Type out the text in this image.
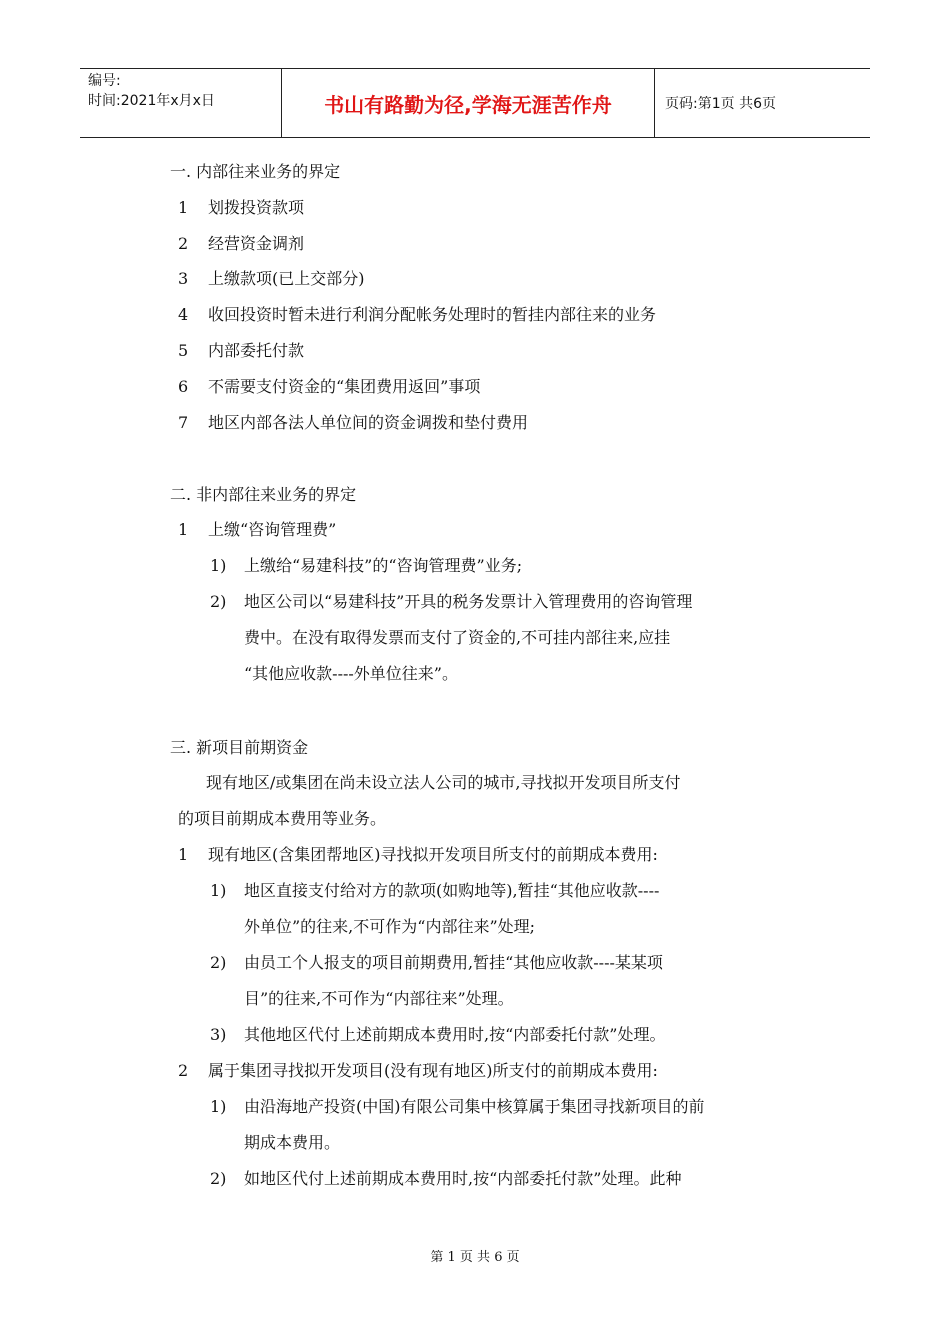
编号:
时间:2021年x月x日	书山有路勤为径,学海无涯苦作舟	页码:第1页 共6页
一. 内部往来业务的界定
1 划拨投资款项
2 经营资金调剂
3 上缴款项(已上交部分)
4 收回投资时暂未进行利润分配帐务处理时的暂挂内部往来的业务
5 内部委托付款
6 不需要支付资金的“集团费用返回”事项
7 地区内部各法人单位间的资金调拨和垫付费用
二. 非内部往来业务的界定
1 上缴“咨询管理费”
1) 上缴给“易建科技”的“咨询管理费”业务;
2) 地区公司以“易建科技”开具的税务发票计入管理费用的咨询管理
费中。在没有取得发票而支付了资金的,不可挂内部往来,应挂
“其他应收款----外单位往来”。
三. 新项目前期资金
现有地区/或集团在尚未设立法人公司的城市,寻找拟开发项目所支付
的项目前期成本费用等业务。
1 现有地区(含集团帮地区)寻找拟开发项目所支付的前期成本费用:
1) 地区直接支付给对方的款项(如购地等),暂挂“其他应收款----
外单位”的往来,不可作为“内部往来”处理;
2) 由员工个人报支的项目前期费用,暂挂“其他应收款----某某项
目”的往来,不可作为“内部往来”处理。
3) 其他地区代付上述前期成本费用时,按“内部委托付款”处理。
2 属于集团寻找拟开发项目(没有现有地区)所支付的前期成本费用:
1) 由沿海地产投资(中国)有限公司集中核算属于集团寻找新项目的前
期成本费用。
2) 如地区代付上述前期成本费用时,按“内部委托付款”处理。此种
第 1 页 共 6 页
